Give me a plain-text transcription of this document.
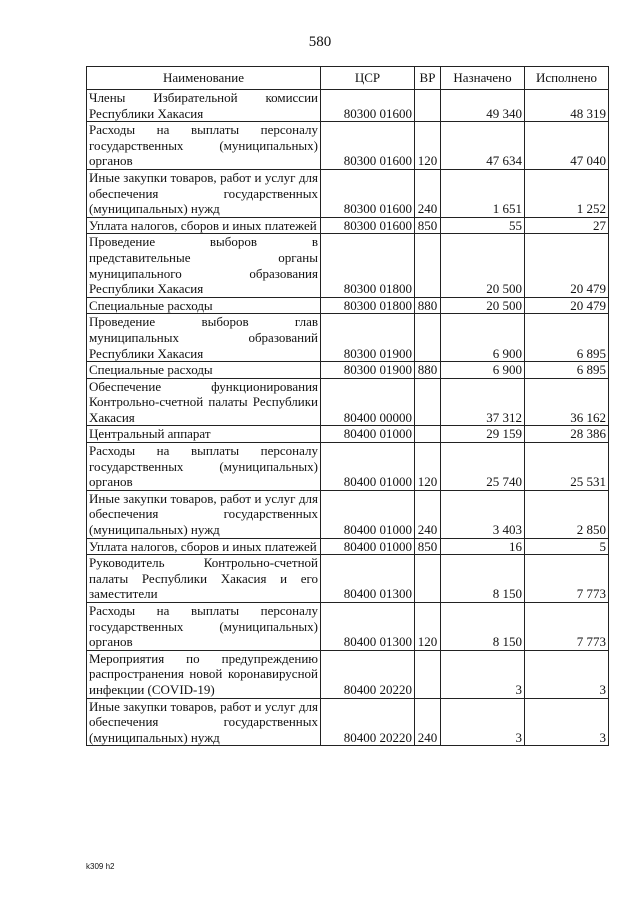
580
Наименование	ЦСР	ВР	Назначено	Исполнено
Члены Избирательной комиссии Республики Хакасия	80300 01600		49 340	48 319
Расходы на выплаты персоналу государственных (муниципальных) органов	80300 01600	120	47 634	47 040
Иные закупки товаров, работ и услуг для обеспечения государственных (муниципальных) нужд	80300 01600	240	1 651	1 252
Уплата налогов, сборов и иных платежей	80300 01600	850	55	27
Проведение выборов в представительные органы муниципального образования Республики Хакасия	80300 01800		20 500	20 479
Специальные расходы	80300 01800	880	20 500	20 479
Проведение выборов глав муниципальных образований Республики Хакасия	80300 01900		6 900	6 895
Специальные расходы	80300 01900	880	6 900	6 895
Обеспечение функционирования Контрольно-счетной палаты Республики Хакасия	80400 00000		37 312	36 162
Центральный аппарат	80400 01000		29 159	28 386
Расходы на выплаты персоналу государственных (муниципальных) органов	80400 01000	120	25 740	25 531
Иные закупки товаров, работ и услуг для обеспечения государственных (муниципальных) нужд	80400 01000	240	3 403	2 850
Уплата налогов, сборов и иных платежей	80400 01000	850	16	5
Руководитель Контрольно-счетной палаты Республики Хакасия и его заместители	80400 01300		8 150	7 773
Расходы на выплаты персоналу государственных (муниципальных) органов	80400 01300	120	8 150	7 773
Мероприятия по предупреждению распространения новой коронавирусной инфекции (COVID-19)	80400 20220		3	3
Иные закупки товаров, работ и услуг для обеспечения государственных (муниципальных) нужд	80400 20220	240	3	3
k309 h2
